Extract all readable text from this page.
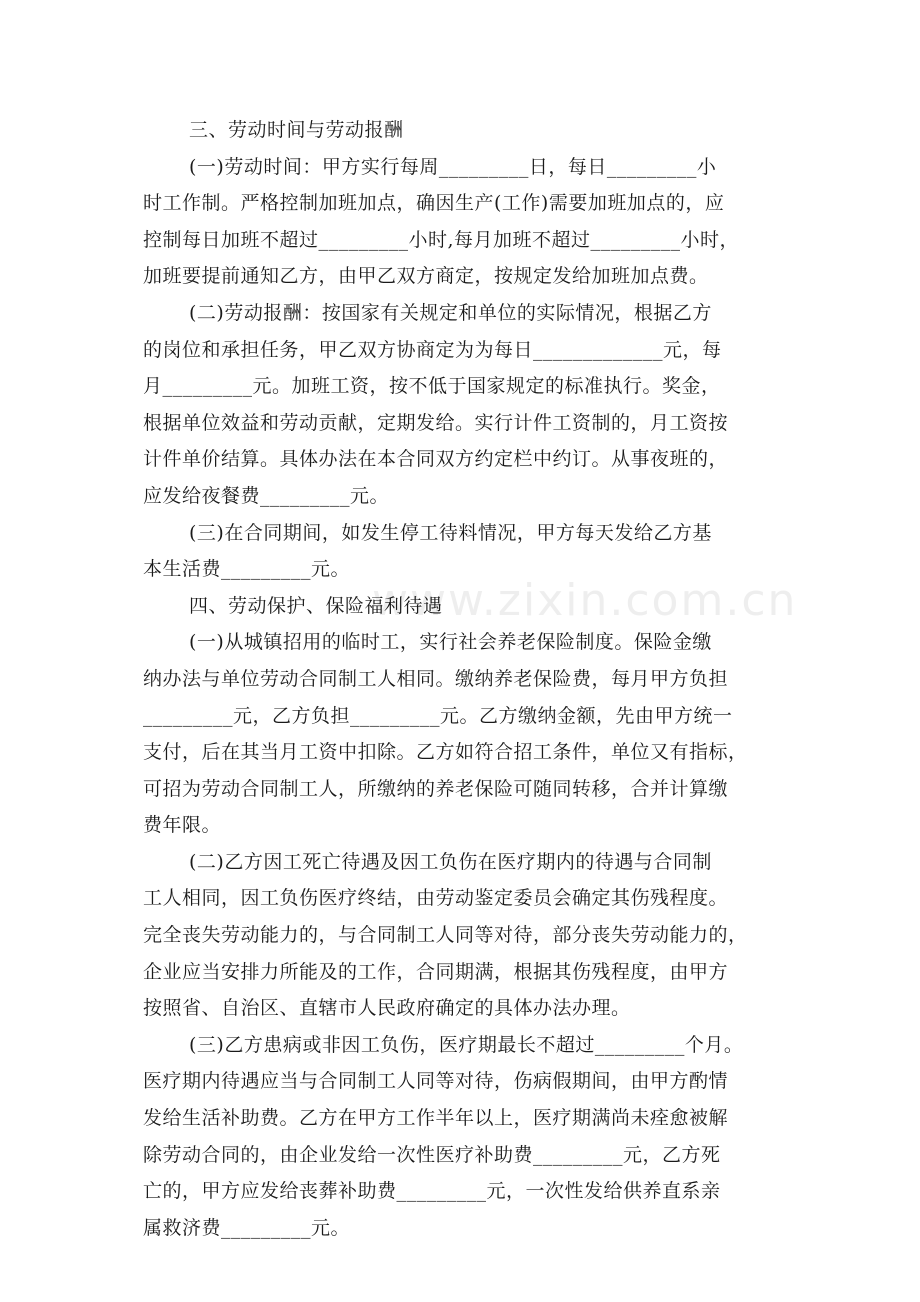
www.zixin.com.cn
三、劳动时间与劳动报酬
(一)劳动时间：甲方实行每周_________日，每日_________小
时工作制。严格控制加班加点，确因生产(工作)需要加班加点的，应
控制每日加班不超过_________小时,每月加班不超过_________小时，
加班要提前通知乙方，由甲乙双方商定，按规定发给加班加点费。
(二)劳动报酬：按国家有关规定和单位的实际情况，根据乙方
的岗位和承担任务，甲乙双方协商定为为每日_____________元，每
月_________元。加班工资，按不低于国家规定的标准执行。奖金，
根据单位效益和劳动贡献，定期发给。实行计件工资制的，月工资按
计件单价结算。具体办法在本合同双方约定栏中约订。从事夜班的，
应发给夜餐费_________元。
(三)在合同期间，如发生停工待料情况，甲方每天发给乙方基
本生活费_________元。
四、劳动保护、保险福利待遇
(一)从城镇招用的临时工，实行社会养老保险制度。保险金缴
纳办法与单位劳动合同制工人相同。缴纳养老保险费，每月甲方负担
_________元，乙方负担_________元。乙方缴纳金额，先由甲方统一
支付，后在其当月工资中扣除。乙方如符合招工条件，单位又有指标，
可招为劳动合同制工人，所缴纳的养老保险可随同转移，合并计算缴
费年限。
(二)乙方因工死亡待遇及因工负伤在医疗期内的待遇与合同制
工人相同，因工负伤医疗终结，由劳动鉴定委员会确定其伤残程度。
完全丧失劳动能力的，与合同制工人同等对待，部分丧失劳动能力的，
企业应当安排力所能及的工作，合同期满，根据其伤残程度，由甲方
按照省、自治区、直辖市人民政府确定的具体办法办理。
(三)乙方患病或非因工负伤，医疗期最长不超过_________个月。
医疗期内待遇应当与合同制工人同等对待，伤病假期间，由甲方酌情
发给生活补助费。乙方在甲方工作半年以上，医疗期满尚未痊愈被解
除劳动合同的，由企业发给一次性医疗补助费_________元，乙方死
亡的，甲方应发给丧葬补助费_________元，一次性发给供养直系亲
属救济费_________元。
